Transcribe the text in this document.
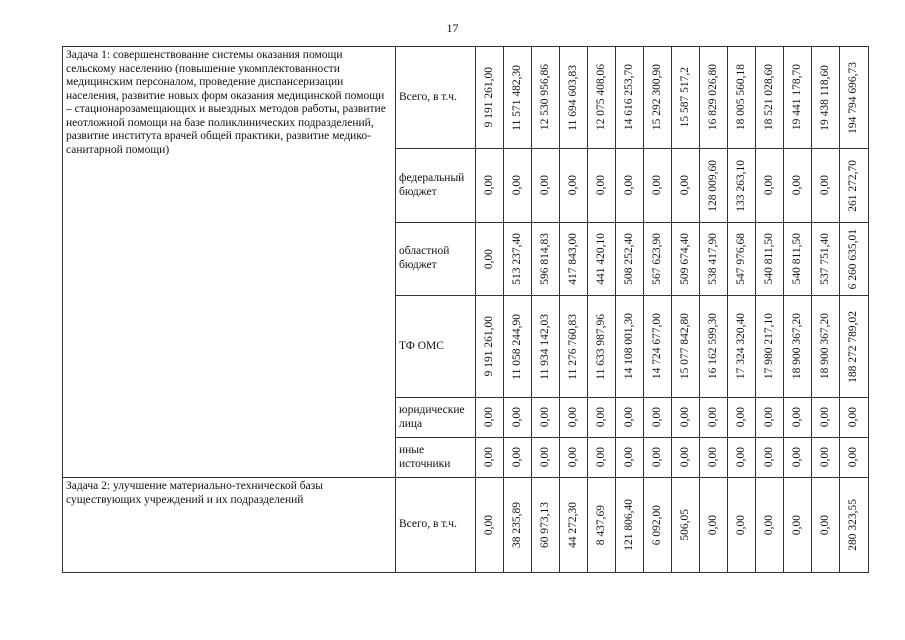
17
Задача 1: совершенствование системы оказания помощи сельскому населению (повышение укомплектованности медицинским персоналом, проведение диспансеризации населения, развитие новых форм оказания медицинской помощи – стационарозамещающих и выездных методов работы, развитие неотложной помощи на базе поликлинических подразделений, развитие института врачей общей практики, развитие медико-санитарной помощи)	Всего, в т.ч.	9 191 261,00	11 571 482,30	12 530 956,86	11 694 603,83	12 075 408,06	14 616 253,70	15 292 300,90	15 587 517,2	16 829 026,80	18 005 560,18	18 521 028,60	19 441 178,70	19 438 118,60	194 794 696,73

	федеральный бюджет	0,00	0,00	0,00	0,00	0,00	0,00	0,00	0,00	128 009,60	133 263,10	0,00	0,00	0,00	261 272,70

	областной бюджет	0,00	513 237,40	596 814,83	417 843,00	441 420,10	508 252,40	567 623,90	509 674,40	538 417,90	547 976,68	540 811,50	540 811,50	537 751,40	6 260 635,01

	ТФ ОМС	9 191 261,00	11 058 244,90	11 934 142,03	11 276 760,83	11 633 987,96	14 108 001,30	14 724 677,00	15 077 842,80	16 162 599,30	17 324 320,40	17 980 217,10	18 900 367,20	18 900 367,20	188 272 789,02

	юридические лица	0,00	0,00	0,00	0,00	0,00	0,00	0,00	0,00	0,00	0,00	0,00	0,00	0,00	0,00

	иные источники	0,00	0,00	0,00	0,00	0,00	0,00	0,00	0,00	0,00	0,00	0,00	0,00	0,00	0,00

Задача 2: улучшение материально-технической базы существующих учреждений и их подразделений	Всего, в т.ч.	0,00	38 235,89	60 973,13	44 272,30	8 437,69	121 806,40	6 092,00	506,05	0,00	0,00	0,00	0,00	0,00	280 323,55
